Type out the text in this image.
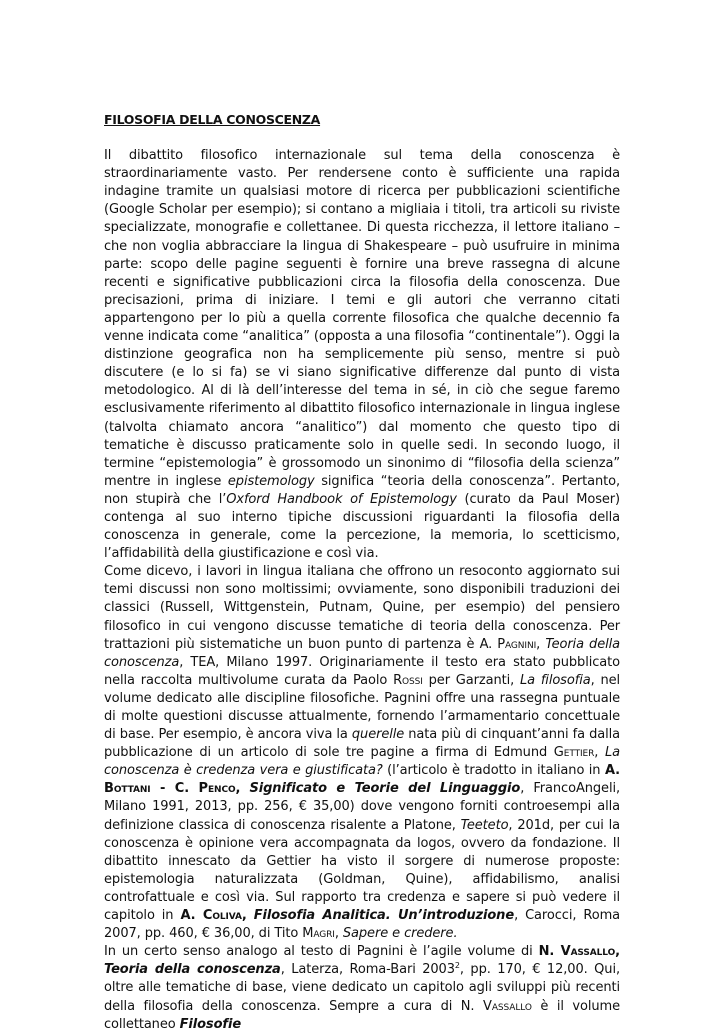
FILOSOFIA DELLA CONOSCENZA

Il dibattito filosofico internazionale sul tema della conoscenza è straordinariamente vasto. Per rendersene conto è sufficiente una rapida indagine tramite un qualsiasi motore di ricerca per pubblicazioni scientifiche (Google Scholar per esempio); si contano a migliaia i titoli, tra articoli su riviste specializzate, monografie e collettanee. Di questa ricchezza, il lettore italiano – che non voglia abbracciare la lingua di Shakespeare – può usufruire in minima parte: scopo delle pagine seguenti è fornire una breve rassegna di alcune recenti e significative pubblicazioni circa la filosofia della conoscenza. Due precisazioni, prima di iniziare. I temi e gli autori che verranno citati appartengono per lo più a quella corrente filosofica che qualche decennio fa venne indicata come “analitica” (opposta a una filosofia “continentale”). Oggi la distinzione geografica non ha semplicemente più senso, mentre si può discutere (e lo si fa) se vi siano significative differenze dal punto di vista metodologico. Al di là dell’interesse del tema in sé, in ciò che segue faremo esclusivamente riferimento al dibattito filosofico internazionale in lingua inglese (talvolta chiamato ancora “analitico”) dal momento che questo tipo di tematiche è discusso praticamente solo in quelle sedi. In secondo luogo, il termine “epistemologia” è grossomodo un sinonimo di “filosofia della scienza” mentre in inglese epistemology significa “teoria della conoscenza”. Pertanto, non stupirà che l’Oxford Handbook of Epistemology (curato da Paul Moser) contenga al suo interno tipiche discussioni riguardanti la filosofia della conoscenza in generale, come la percezione, la memoria, lo scetticismo, l’affidabilità della giustificazione e così via.

Come dicevo, i lavori in lingua italiana che offrono un resoconto aggiornato sui temi discussi non sono moltissimi; ovviamente, sono disponibili traduzioni dei classici (Russell, Wittgenstein, Putnam, Quine, per esempio) del pensiero filosofico in cui vengono discusse tematiche di teoria della conoscenza. Per trattazioni più sistematiche un buon punto di partenza è A. Pagnini, Teoria della conoscenza, TEA, Milano 1997. Originariamente il testo era stato pubblicato nella raccolta multivolume curata da Paolo Rossi per Garzanti, La filosofia, nel volume dedicato alle discipline filosofiche. Pagnini offre una rassegna puntuale di molte questioni discusse attualmente, fornendo l’armamentario concettuale di base. Per esempio, è ancora viva la querelle nata più di cinquant’anni fa dalla pubblicazione di un articolo di sole tre pagine a firma di Edmund Gettier, La conoscenza è credenza vera e giustificata? (l’articolo è tradotto in italiano in A. Bottani - C. Penco, Significato e Teorie del Linguaggio, FrancoAngeli, Milano 1991, 2013, pp. 256, € 35,00) dove vengono forniti controesempi alla definizione classica di conoscenza risalente a Platone, Teeteto, 201d, per cui la conoscenza è opinione vera accompagnata da logos, ovvero da fondazione. Il dibattito innescato da Gettier ha visto il sorgere di numerose proposte: epistemologia naturalizzata (Goldman, Quine), affidabilismo, analisi controfattuale e così via. Sul rapporto tra credenza e sapere si può vedere il capitolo in A. Coliva, Filosofia Analitica. Un’introduzione, Carocci, Roma 2007, pp. 460, € 36,00, di Tito Magri, Sapere e credere.

In un certo senso analogo al testo di Pagnini è l’agile volume di N. Vassallo, Teoria della conoscenza, Laterza, Roma-Bari 2003$^2$, pp. 170, € 12,00. Qui, oltre alle tematiche di base, viene dedicato un capitolo agli sviluppi più recenti della filosofia della conoscenza. Sempre a cura di N. Vassallo è il volume collettaneo Filosofie
